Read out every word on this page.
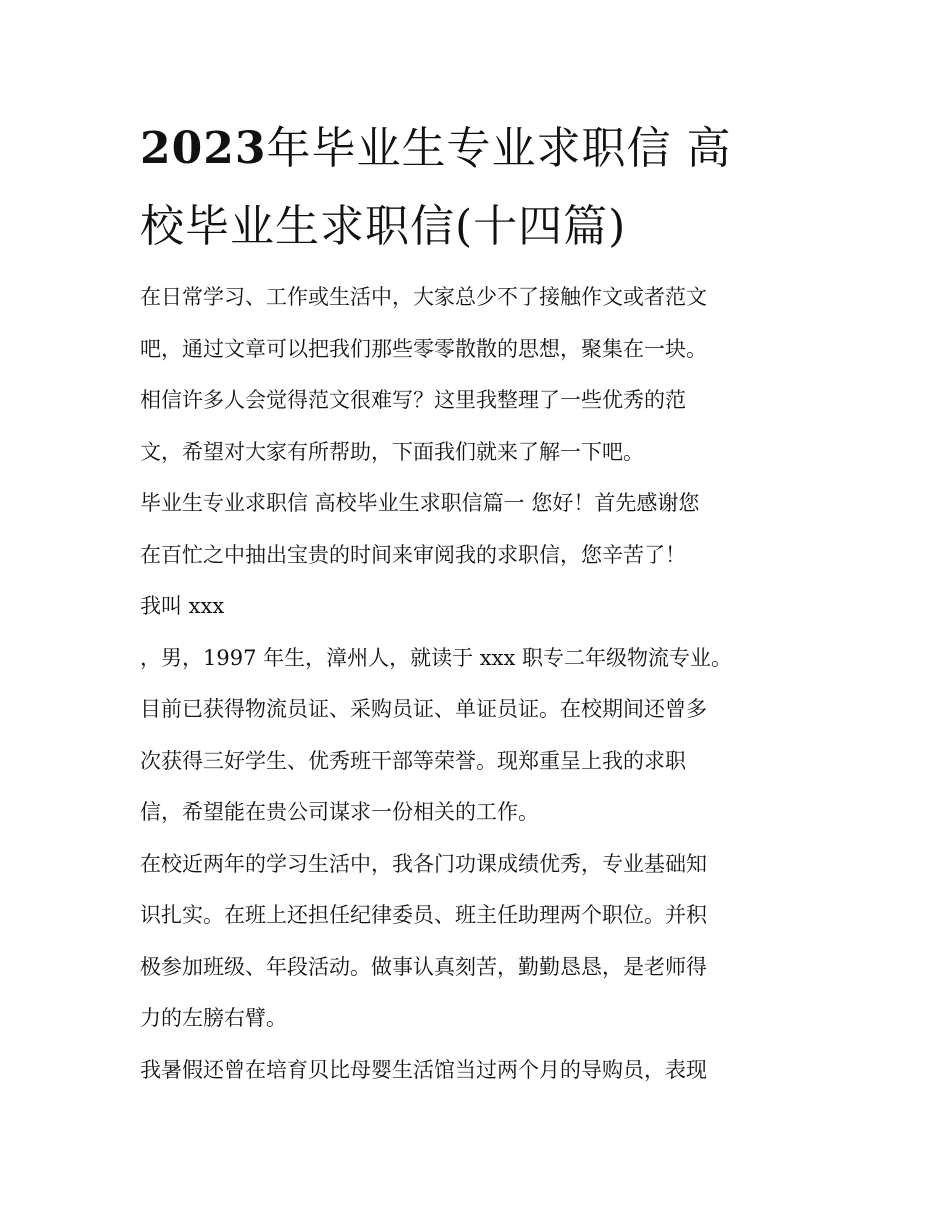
2023年毕业生专业求职信 高
校毕业生求职信(十四篇)
在日常学习、工作或生活中，大家总少不了接触作文或者范文
吧，通过文章可以把我们那些零零散散的思想，聚集在一块。
相信许多人会觉得范文很难写？这里我整理了一些优秀的范
文，希望对大家有所帮助，下面我们就来了解一下吧。
毕业生专业求职信 高校毕业生求职信篇一 您好！首先感谢您
在百忙之中抽出宝贵的时间来审阅我的求职信，您辛苦了！
我叫 xxx
，男，1997 年生，漳州人，就读于 xxx 职专二年级物流专业。
目前已获得物流员证、采购员证、单证员证。在校期间还曾多
次获得三好学生、优秀班干部等荣誉。现郑重呈上我的求职
信，希望能在贵公司谋求一份相关的工作。
在校近两年的学习生活中，我各门功课成绩优秀，专业基础知
识扎实。在班上还担任纪律委员、班主任助理两个职位。并积
极参加班级、年段活动。做事认真刻苦，勤勤恳恳，是老师得
力的左膀右臂。
我暑假还曾在培育贝比母婴生活馆当过两个月的导购员，表现
